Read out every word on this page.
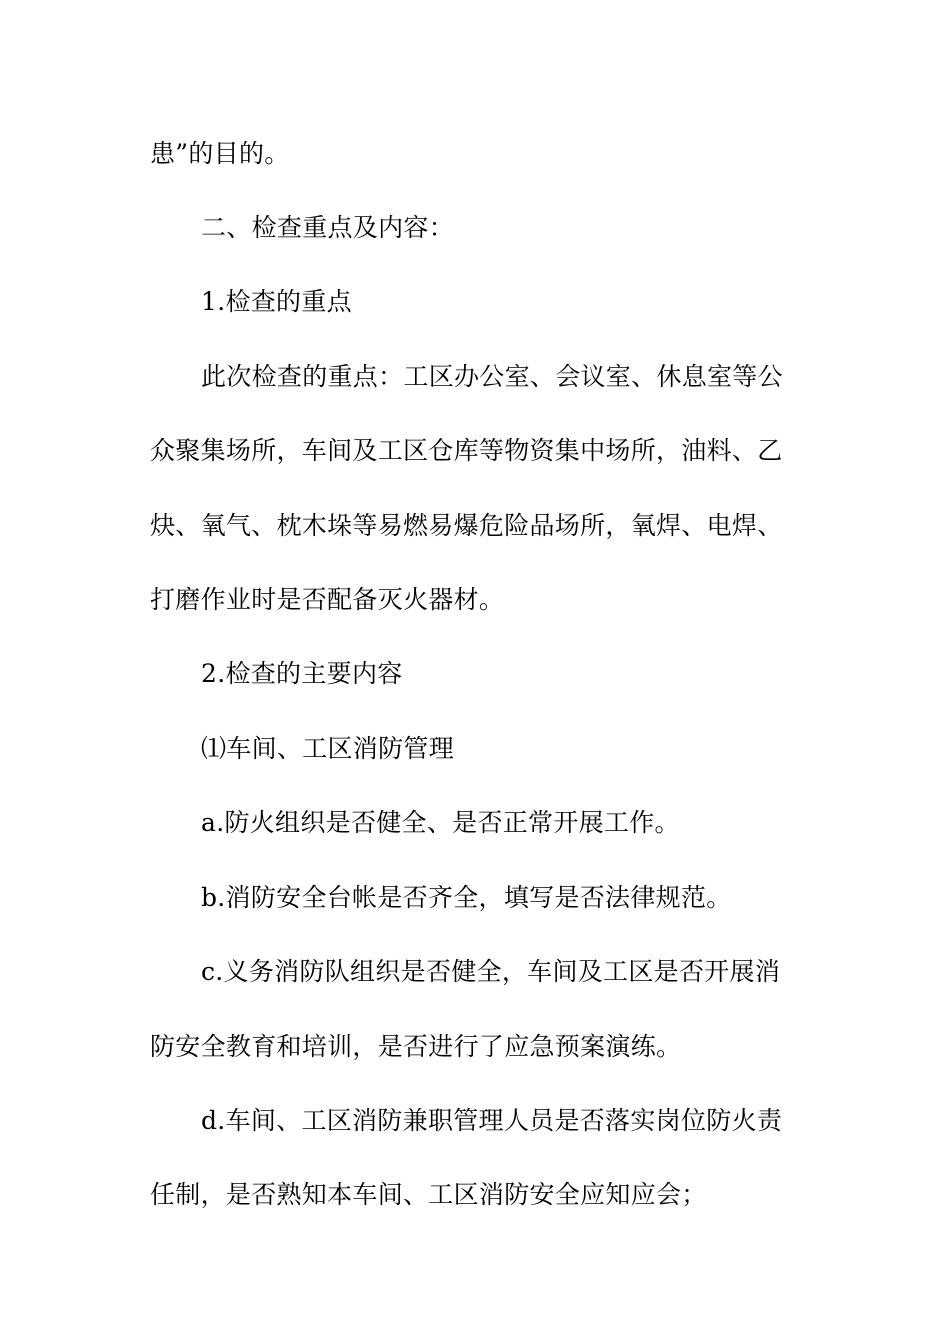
患”的目的。
二、检查重点及内容：
1.检查的重点
此次检查的重点：工区办公室、会议室、休息室等公
众聚集场所，车间及工区仓库等物资集中场所，油料、乙
炔、氧气、枕木垛等易燃易爆危险品场所，氧焊、电焊、
打磨作业时是否配备灭火器材。
2.检查的主要内容
⑴车间、工区消防管理
a.防火组织是否健全、是否正常开展工作。
b.消防安全台帐是否齐全，填写是否法律规范。
c.义务消防队组织是否健全，车间及工区是否开展消
防安全教育和培训，是否进行了应急预案演练。
d.车间、工区消防兼职管理人员是否落实岗位防火责
任制，是否熟知本车间、工区消防安全应知应会；
